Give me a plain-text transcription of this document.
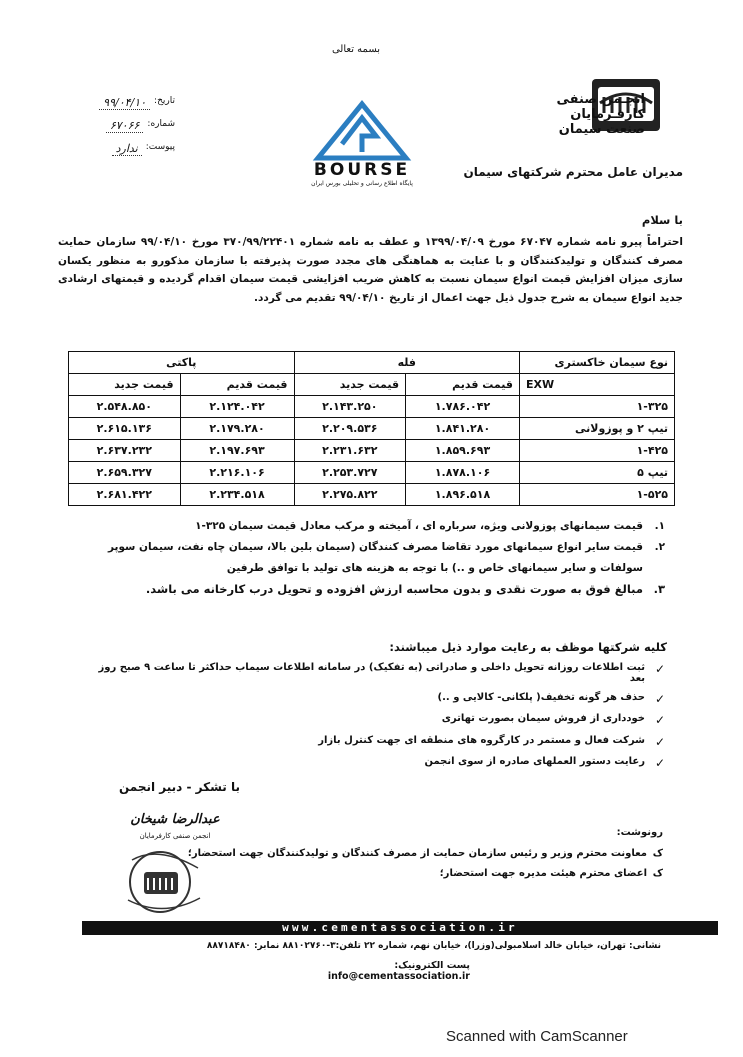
بسمه تعالی
تاریخ:
۹۹/۰۴/۱۰
شماره:
۶۷۰۶۶
پیوست:
ندارد
انجـمن صنفی
کارفـرمایان
صنعت سیمان
BOURSE
پایگاه اطلاع رسانی و تحلیلی بورس ایران
مدیران عامل محترم شرکتهای سیمان
با سلام
احتراماً پیرو نامه شماره ۶۷۰۴۷ مورخ ۱۳۹۹/۰۴/۰۹ و عطف به نامه شماره ۳۷۰/۹۹/۲۲۴۰۱ مورخ ۹۹/۰۴/۱۰ سازمان حمایت مصرف کنندگان و تولیدکنندگان و با عنایت به هماهنگی های مجدد صورت پذیرفته با سازمان مذکورو به منظور یکسان سازی میزان افزایش قیمت انواع سیمان نسبت به کاهش ضریب افزایشی قیمت سیمان اقدام گردیده و قیمتهای ارشادی جدید انواع سیمان به شرح جدول ذیل جهت اعمال از تاریخ ۹۹/۰۴/۱۰ تقدیم می گردد.
نوع سیمان خاکستری	فله		پاکتی	
EXW	قیمت قدیم	قیمت جدید	قیمت قدیم	قیمت جدید
۱-۳۲۵	۱.۷۸۶.۰۴۲	۲.۱۴۳.۲۵۰	۲.۱۲۴.۰۴۲	۲.۵۴۸.۸۵۰
تیپ ۲ و پوزولانی	۱.۸۴۱.۲۸۰	۲.۲۰۹.۵۳۶	۲.۱۷۹.۲۸۰	۲.۶۱۵.۱۳۶
۱-۴۲۵	۱.۸۵۹.۶۹۳	۲.۲۳۱.۶۳۲	۲.۱۹۷.۶۹۳	۲.۶۳۷.۲۳۲
تیپ ۵	۱.۸۷۸.۱۰۶	۲.۲۵۳.۷۲۷	۲.۲۱۶.۱۰۶	۲.۶۵۹.۳۲۷
۱-۵۲۵	۱.۸۹۶.۵۱۸	۲.۲۷۵.۸۲۲	۲.۲۳۴.۵۱۸	۲.۶۸۱.۴۲۲
۱.
قیمت سیمانهای پوزولانی ویژه، سرباره ای ، آمیخته و مرکب معادل قیمت سیمان ۳۲۵-۱
۲.
قیمت سایر انواع سیمانهای مورد تقاضا مصرف کنندگان (سیمان بلین بالا، سیمان چاه نفت، سیمان سوپر سولفات و سایر سیمانهای خاص و ..) با توجه به هزینه های تولید با توافق طرفین
۳.
مبالغ فوق به صورت نقدی و بدون محاسبه ارزش افزوده و تحویل درب کارخانه می باشد.
کلیه شرکتها موظف به رعایت موارد ذیل میباشند:
✓
ثبت اطلاعات روزانه تحویل داخلی و صادراتی (به تفکیک) در سامانه اطلاعات سیماب حداکثر تا ساعت ۹ صبح روز بعد
✓
حذف هر گونه تخفیف( پلکانی- کالایی و ..)
✓
خودداری از فروش سیمان بصورت تهاتری
✓
شرکت فعال و مستمر در کارگروه های منطقه ای جهت کنترل بازار
✓
رعایت دستور العملهای صادره از سوی انجمن
با تشکر - دبیر انجمن
عبدالرضا شیخان
انجمن صنفی کارفرمایان	رونوشت:
ک
معاونت محترم وزیر و رئیس سازمان حمایت از مصرف کنندگان و تولیدکنندگان جهت استحضار؛
ک
اعضای محترم هیئت مدیره جهت استحضار؛
www.cementassociation.ir
نشانی: تهران، خیابان خالد اسلامبولی(وزرا)، خیابان نهم، شماره ۲۲ تلفن:۳-۸۸۱۰۲۷۶۰ نمابر: ۸۸۷۱۸۴۸۰
پست الکترونیک: info@cementassociation.ir
Scanned with CamScanner
